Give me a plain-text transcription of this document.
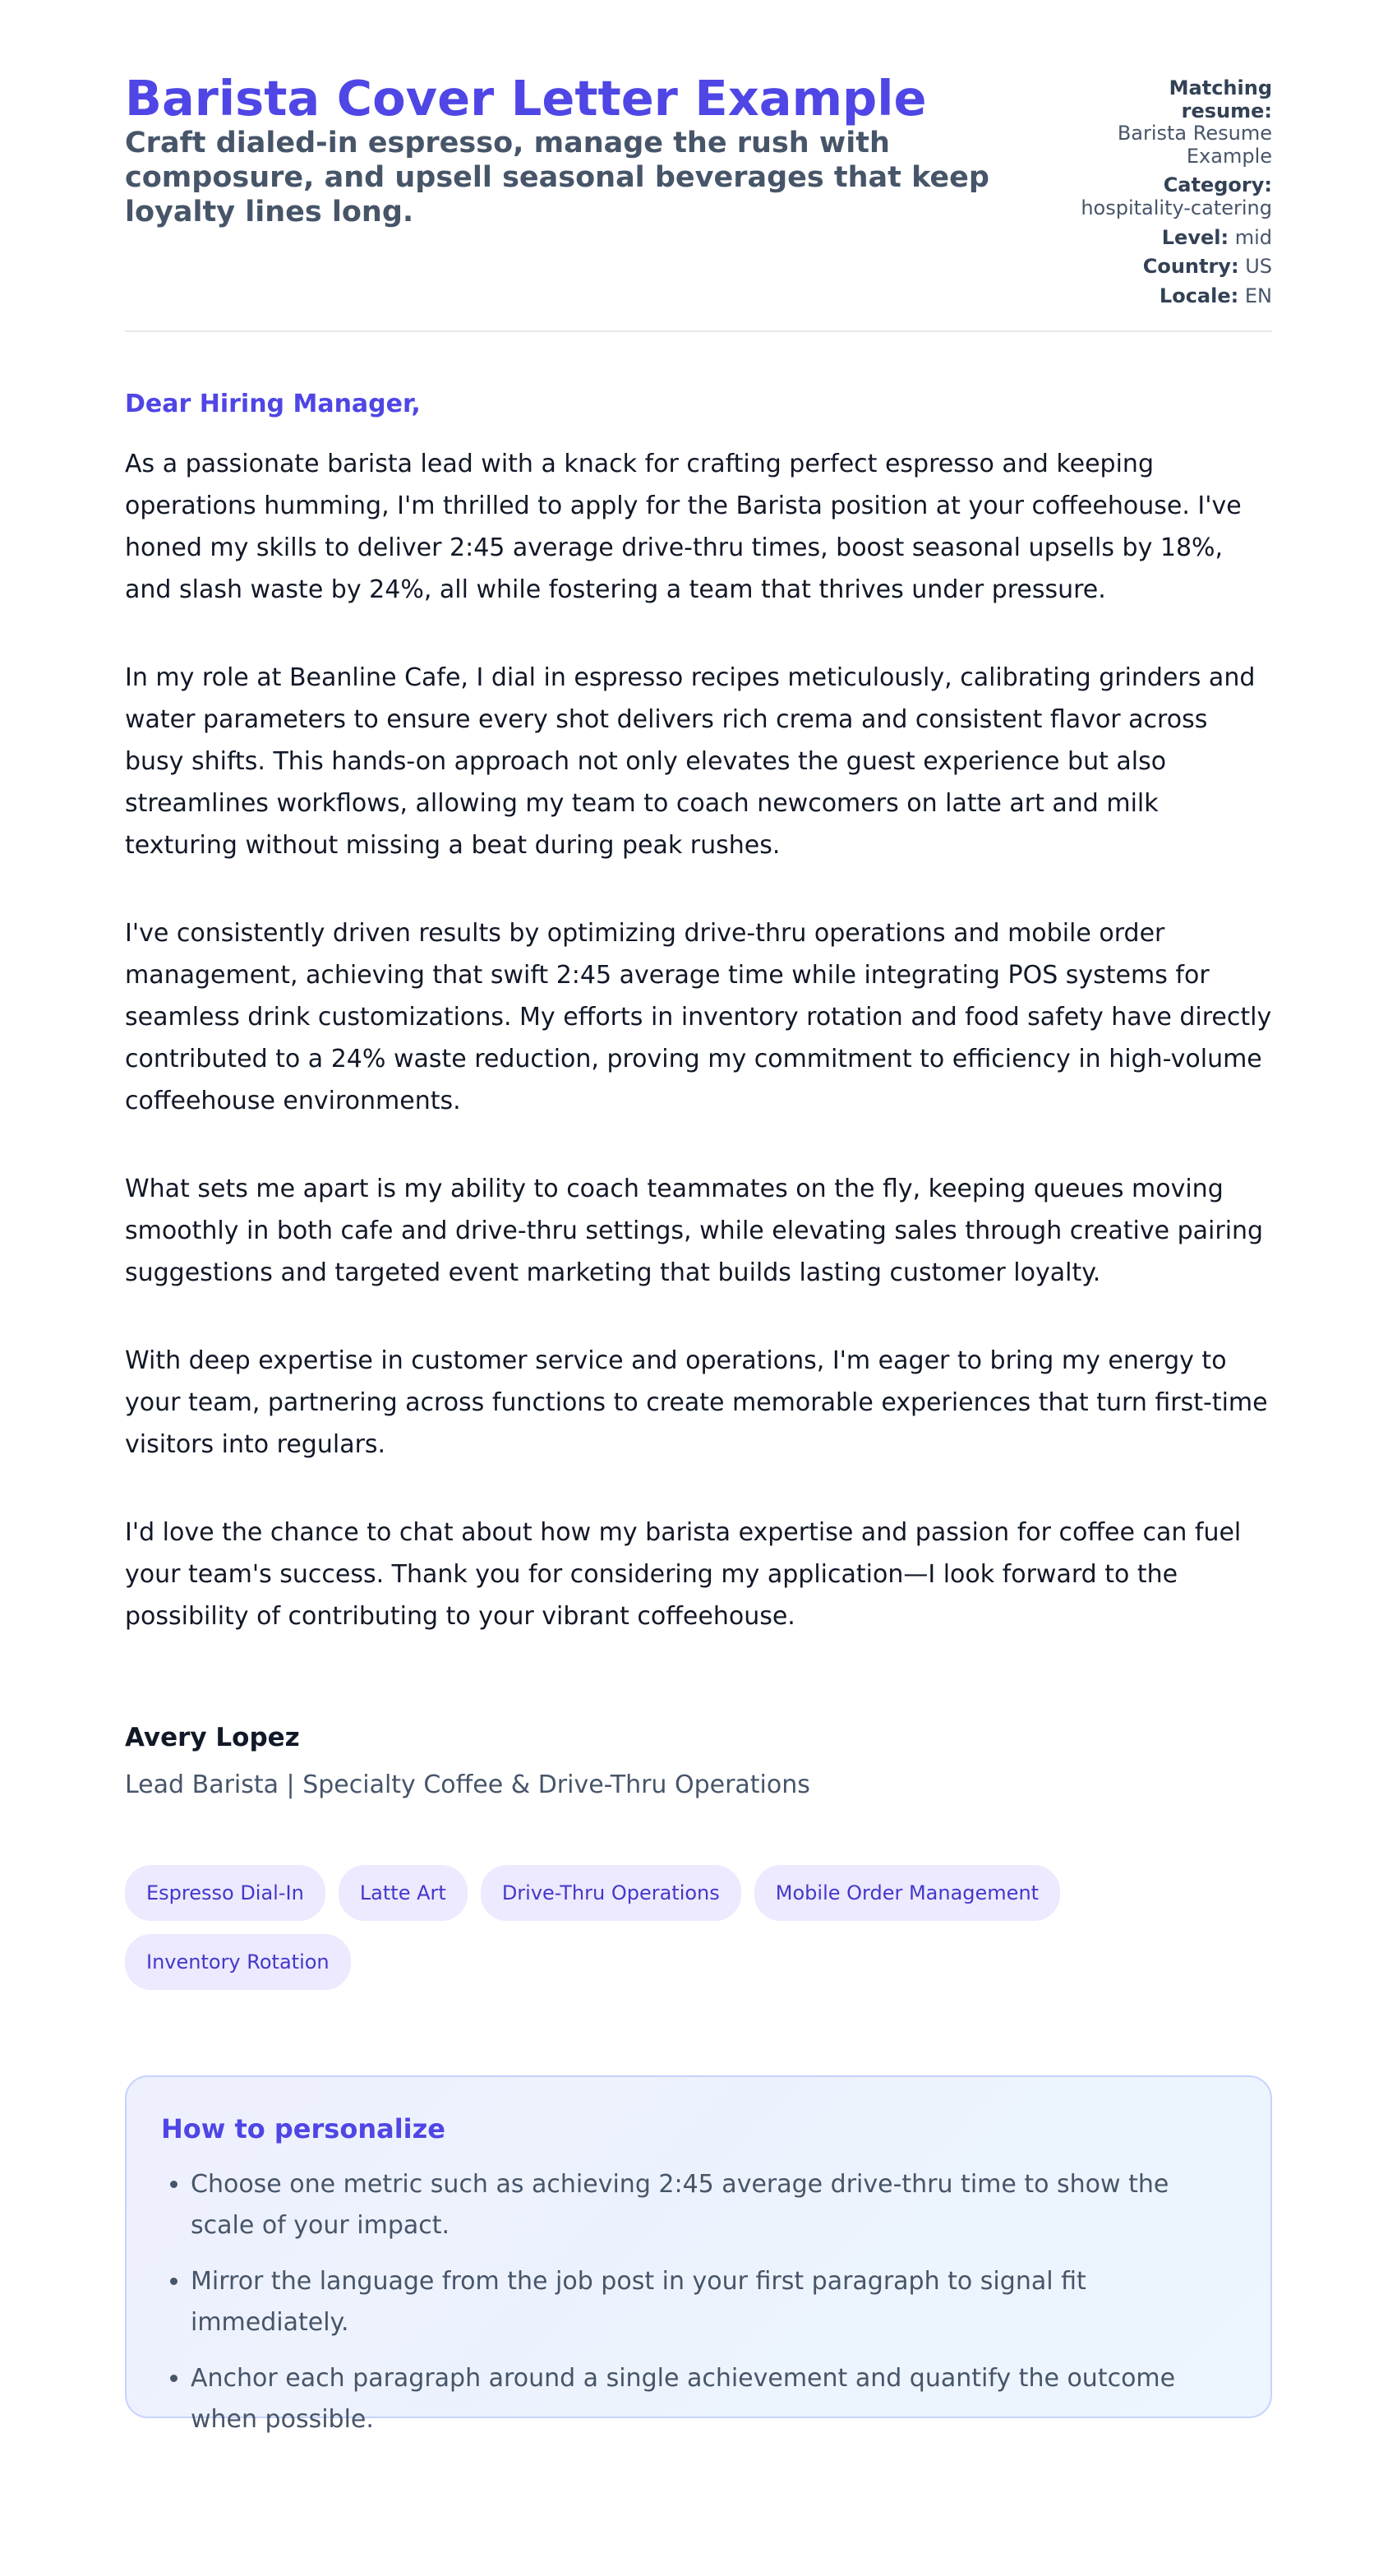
Barista Cover Letter Example

Craft dialed-in espresso, manage the rush with composure, and upsell seasonal beverages that keep loyalty lines long.

Matching resume:
Barista Resume Example
Category:
hospitality-catering
Level: mid
Country: US
Locale: EN

Dear Hiring Manager,

As a passionate barista lead with a knack for crafting perfect espresso and keeping operations humming, I'm thrilled to apply for the Barista position at your coffeehouse. I've honed my skills to deliver 2:45 average drive-thru times, boost seasonal upsells by 18%, and slash waste by 24%, all while fostering a team that thrives under pressure.

In my role at Beanline Cafe, I dial in espresso recipes meticulously, calibrating grinders and water parameters to ensure every shot delivers rich crema and consistent flavor across busy shifts. This hands-on approach not only elevates the guest experience but also streamlines workflows, allowing my team to coach newcomers on latte art and milk texturing without missing a beat during peak rushes.

I've consistently driven results by optimizing drive-thru operations and mobile order management, achieving that swift 2:45 average time while integrating POS systems for seamless drink customizations. My efforts in inventory rotation and food safety have directly contributed to a 24% waste reduction, proving my commitment to efficiency in high-volume coffeehouse environments.

What sets me apart is my ability to coach teammates on the fly, keeping queues moving smoothly in both cafe and drive-thru settings, while elevating sales through creative pairing suggestions and targeted event marketing that builds lasting customer loyalty.

With deep expertise in customer service and operations, I'm eager to bring my energy to your team, partnering across functions to create memorable experiences that turn first-time visitors into regulars.

I'd love the chance to chat about how my barista expertise and passion for coffee can fuel your team's success. Thank you for considering my application—I look forward to the possibility of contributing to your vibrant coffeehouse.

Avery Lopez

Lead Barista | Specialty Coffee & Drive-Thru Operations

Espresso Dial-In	Latte Art	Drive-Thru Operations	Mobile Order Management
Inventory Rotation
How to personalize
• Choose one metric such as achieving 2:45 average drive-thru time to show the scale of your impact.
• Mirror the language from the job post in your first paragraph to signal fit immediately.
• Anchor each paragraph around a single achievement and quantify the outcome when possible.
